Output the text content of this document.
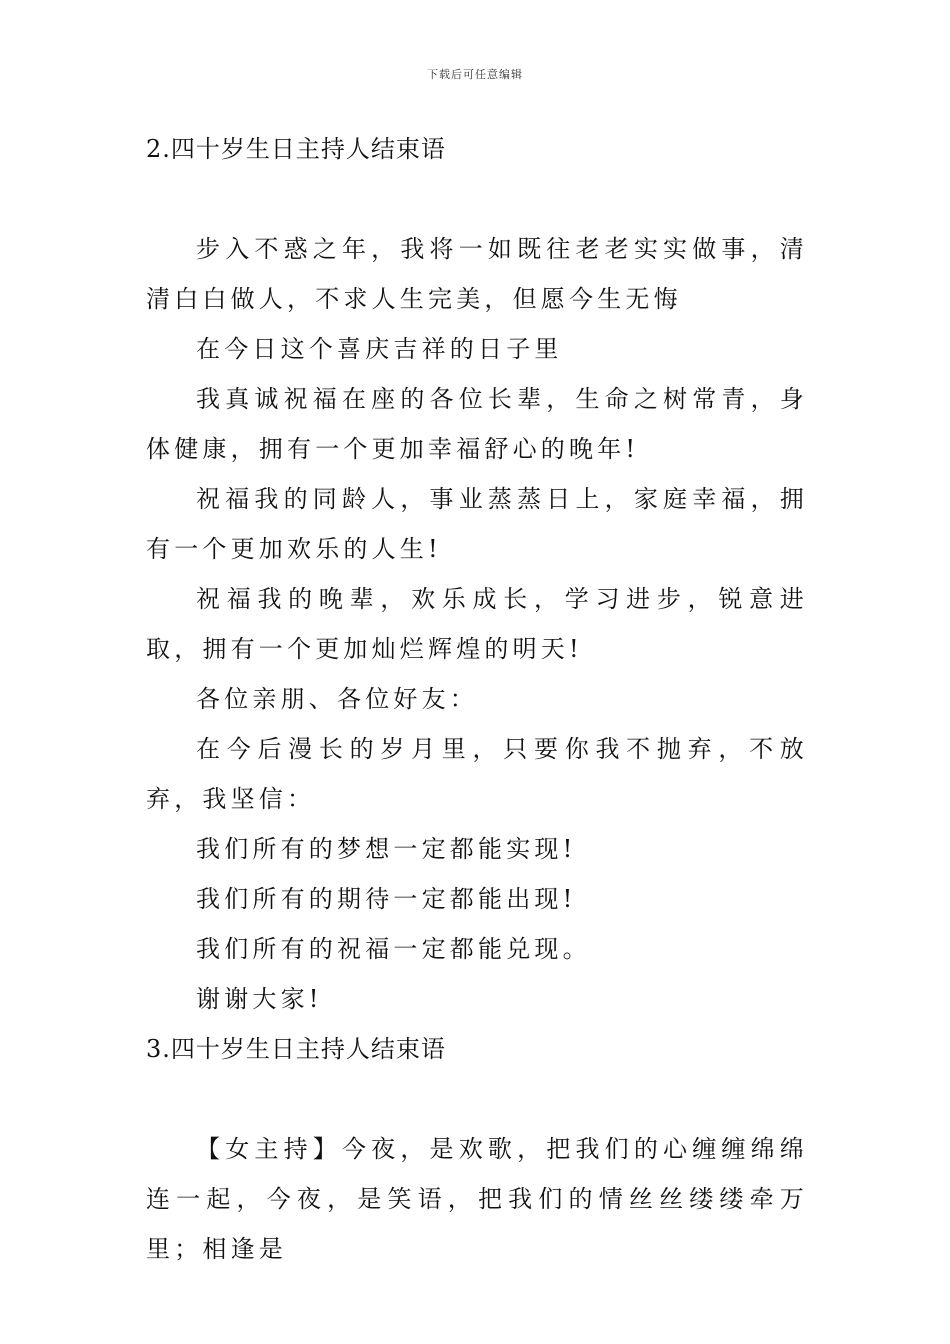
下载后可任意编辑
2.四十岁生日主持人结束语

步入不惑之年，我将一如既往老老实实做事，清清白白做人，不求人生完美，但愿今生无悔

在今日这个喜庆吉祥的日子里

我真诚祝福在座的各位长辈，生命之树常青，身体健康，拥有一个更加幸福舒心的晚年!

祝福我的同龄人，事业蒸蒸日上，家庭幸福，拥有一个更加欢乐的人生!

祝福我的晚辈，欢乐成长，学习进步，锐意进取，拥有一个更加灿烂辉煌的明天!

各位亲朋、各位好友：

在今后漫长的岁月里，只要你我不抛弃，不放弃，我坚信：

我们所有的梦想一定都能实现!

我们所有的期待一定都能出现!

我们所有的祝福一定都能兑现。

谢谢大家!

3.四十岁生日主持人结束语

【女主持】今夜，是欢歌，把我们的心缠缠绵绵连一起，今夜，是笑语，把我们的情丝丝缕缕牵万里；相逢是
